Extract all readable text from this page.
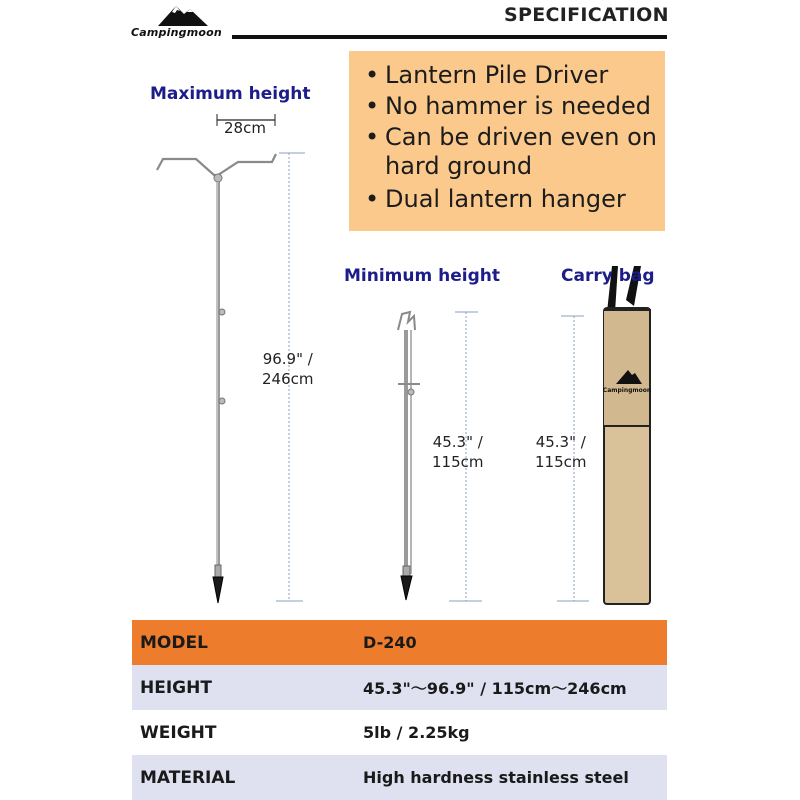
Campingmoon
SPECIFICATION
• Lantern Pile Driver
• No hammer is needed
• Can be driven even on hard ground
• Dual lantern hanger
Campingmoon
Maximum height
Minimum height	Carry bag
28cm
96.9" /
246cm
45.3" /
115cm
45.3" /
115cm
MODEL	D-240
HEIGHT	45.3"～96.9" / 115cm～246cm
WEIGHT	5lb / 2.25kg
MATERIAL	High hardness stainless steel
